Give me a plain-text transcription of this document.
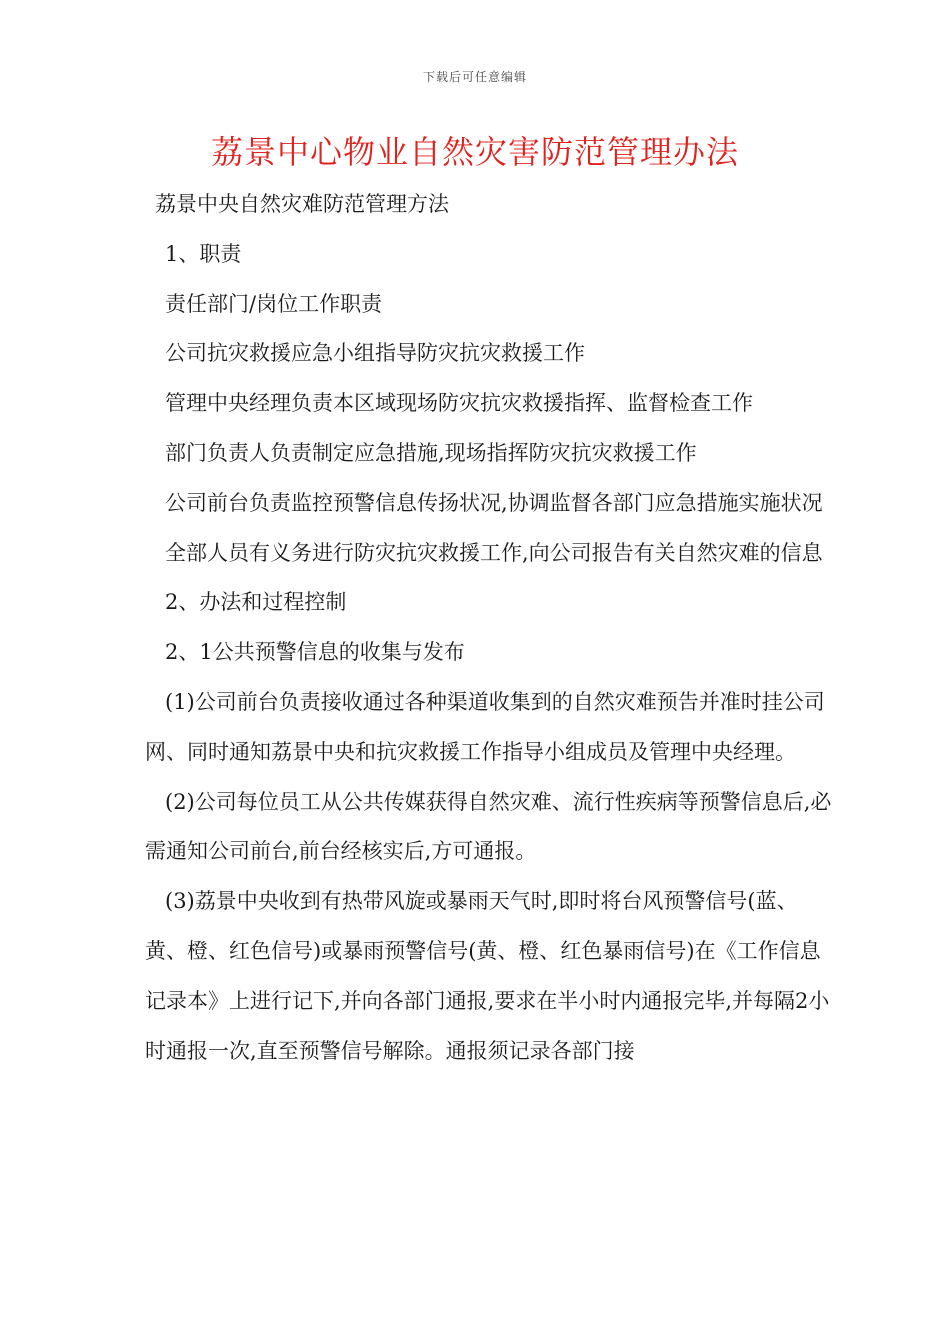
下载后可任意编辑
荔景中心物业自然灾害防范管理办法

荔景中央自然灾难防范管理方法

1、职责

责任部门/岗位工作职责

公司抗灾救援应急小组指导防灾抗灾救援工作

管理中央经理负责本区域现场防灾抗灾救援指挥、监督检查工作

部门负责人负责制定应急措施,现场指挥防灾抗灾救援工作

公司前台负责监控预警信息传扬状况,协调监督各部门应急措施实施状况

全部人员有义务进行防灾抗灾救援工作,向公司报告有关自然灾难的信息

2、办法和过程控制

2、1公共预警信息的收集与发布

(1)公司前台负责接收通过各种渠道收集到的自然灾难预告并准时挂公司网、同时通知荔景中央和抗灾救援工作指导小组成员及管理中央经理。

(2)公司每位员工从公共传媒获得自然灾难、流行性疾病等预警信息后,必需通知公司前台,前台经核实后,方可通报。

(3)荔景中央收到有热带风旋或暴雨天气时,即时将台风预警信号(蓝、黄、橙、红色信号)或暴雨预警信号(黄、橙、红色暴雨信号)在《工作信息记录本》上进行记下,并向各部门通报,要求在半小时内通报完毕,并每隔2小时通报一次,直至预警信号解除。通报须记录各部门接
